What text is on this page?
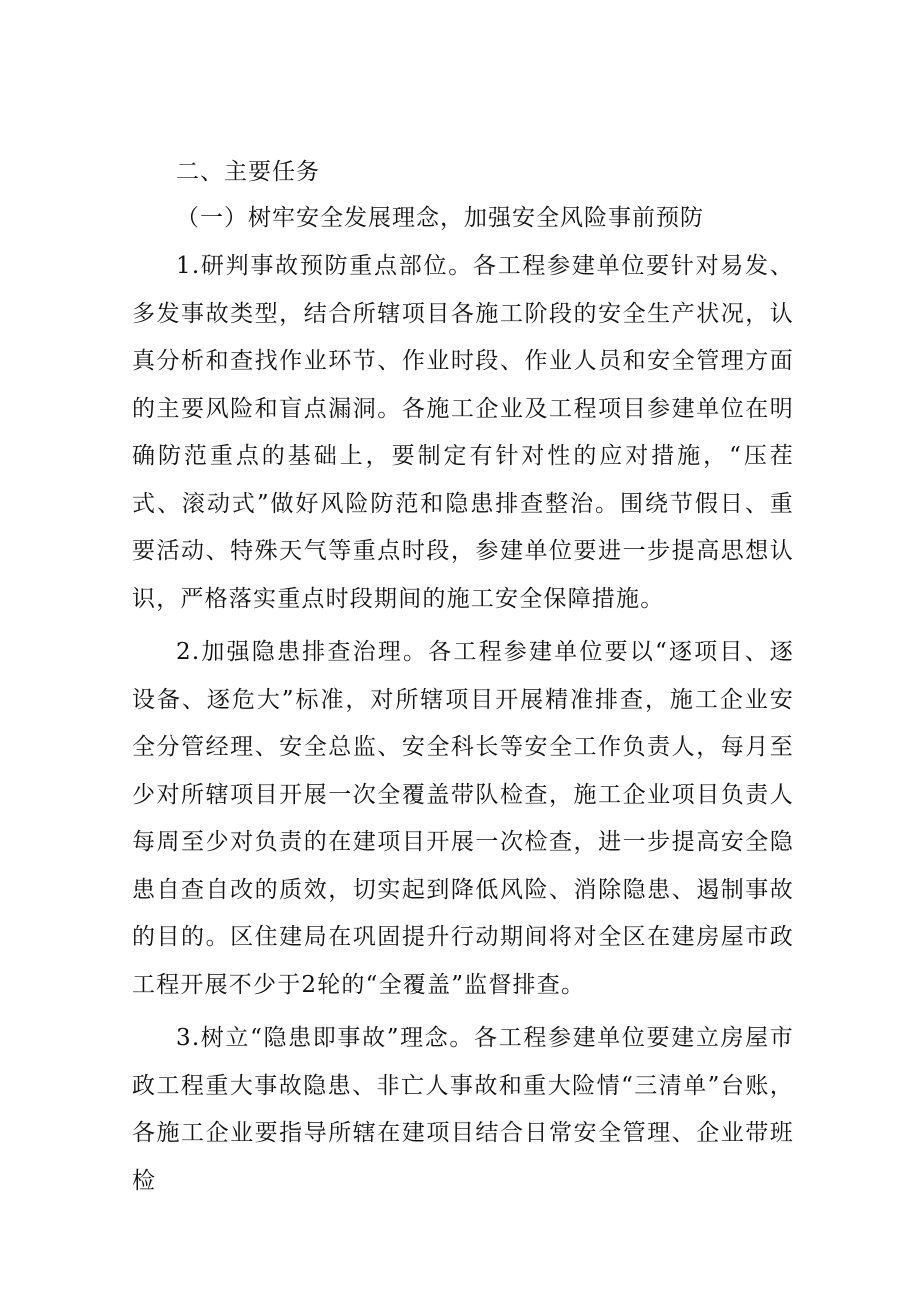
二、主要任务

（一）树牢安全发展理念，加强安全风险事前预防

1.研判事故预防重点部位。各工程参建单位要针对易发、多发事故类型，结合所辖项目各施工阶段的安全生产状况，认真分析和查找作业环节、作业时段、作业人员和安全管理方面的主要风险和盲点漏洞。各施工企业及工程项目参建单位在明确防范重点的基础上，要制定有针对性的应对措施，“压茬式、滚动式”做好风险防范和隐患排查整治。围绕节假日、重要活动、特殊天气等重点时段，参建单位要进一步提高思想认识，严格落实重点时段期间的施工安全保障措施。

2.加强隐患排查治理。各工程参建单位要以“逐项目、逐设备、逐危大”标准，对所辖项目开展精准排查，施工企业安全分管经理、安全总监、安全科长等安全工作负责人，每月至少对所辖项目开展一次全覆盖带队检查，施工企业项目负责人每周至少对负责的在建项目开展一次检查，进一步提高安全隐患自查自改的质效，切实起到降低风险、消除隐患、遏制事故的目的。区住建局在巩固提升行动期间将对全区在建房屋市政工程开展不少于2轮的“全覆盖”监督排查。

3.树立“隐患即事故”理念。各工程参建单位要建立房屋市政工程重大事故隐患、非亡人事故和重大险情“三清单”台账，各施工企业要指导所辖在建项目结合日常安全管理、企业带班检
